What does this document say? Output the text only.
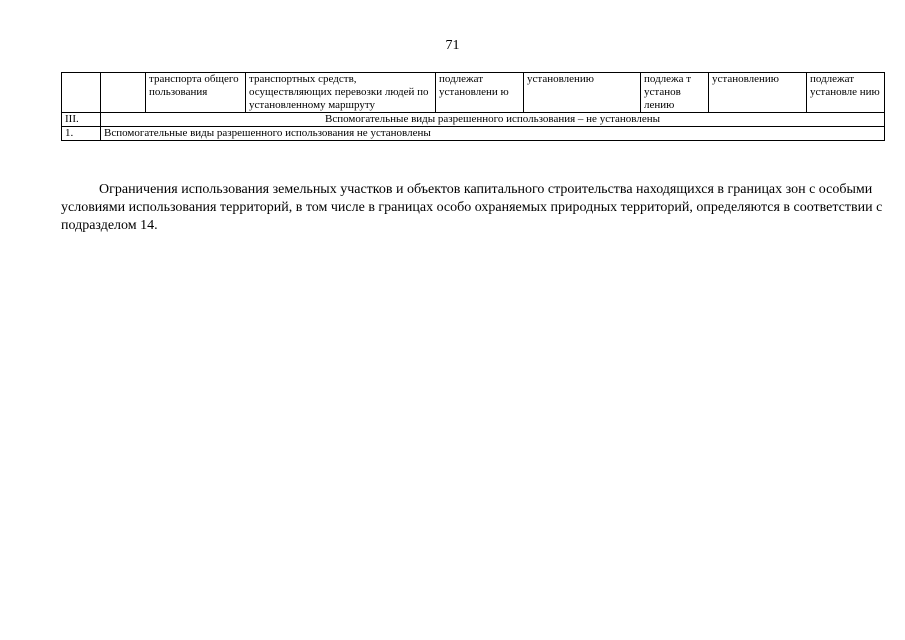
71
		транспорта общего пользования	транспортных средств, осуществляющих перевозки людей по установленному маршруту	подлежат установлени ю	установлению	подлежа т установ лению	установлению	подлежат установле нию
III.	Вспомогательные виды разрешенного использования – не установлены							
1.	Вспомогательные виды разрешенного использования не установлены							

Ограничения использования земельных участков и объектов капитального строительства находящихся в границах зон с особыми условиями использования территорий, в том числе в границах особо охраняемых природных территорий, определяются в соответствии с подразделом 14.
